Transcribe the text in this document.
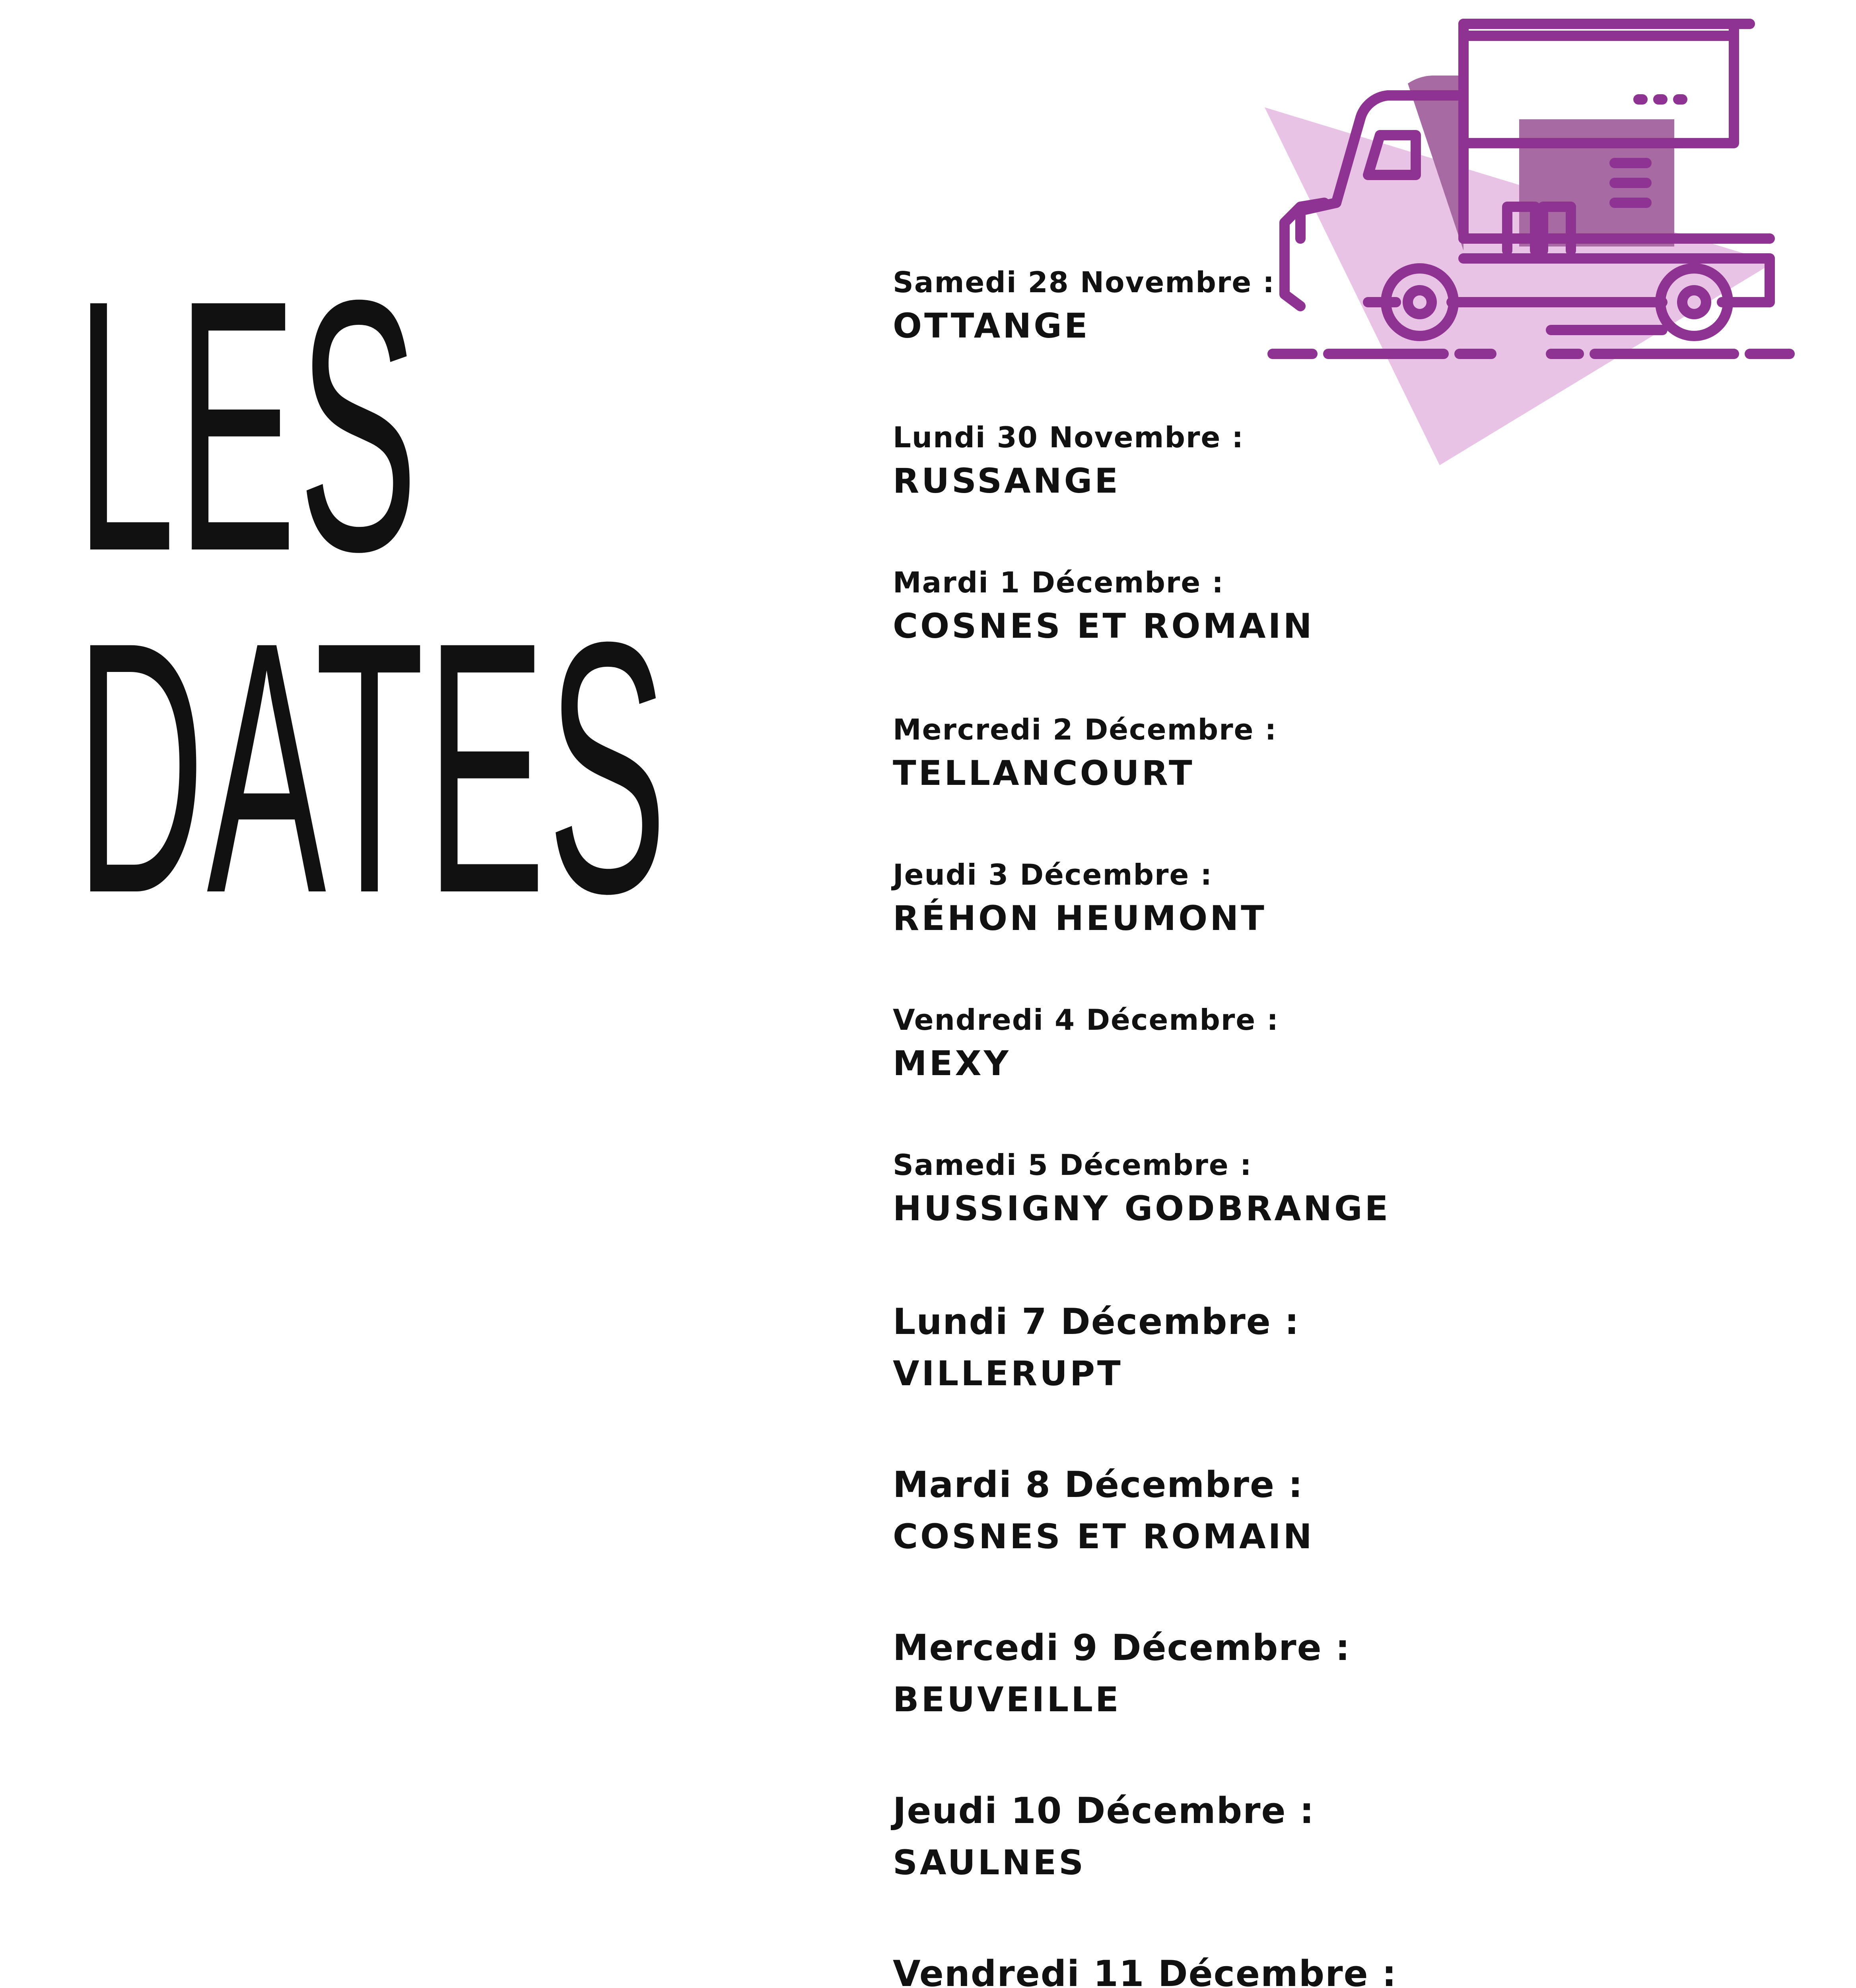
LES
DATES
Samedi 28 Novembre :
OTTANGE
Lundi 30 Novembre :
RUSSANGE
Mardi 1 Décembre :
COSNES ET ROMAIN
Mercredi 2 Décembre :
TELLANCOURT
Jeudi 3 Décembre :
RÉHON HEUMONT
Vendredi 4 Décembre :
MEXY
Samedi 5 Décembre :
HUSSIGNY GODBRANGE
Lundi 7 Décembre :
VILLERUPT
Mardi 8 Décembre :
COSNES ET ROMAIN
Mercedi 9 Décembre :
BEUVEILLE
Jeudi 10 Décembre :
SAULNES
Vendredi 11 Décembre :
